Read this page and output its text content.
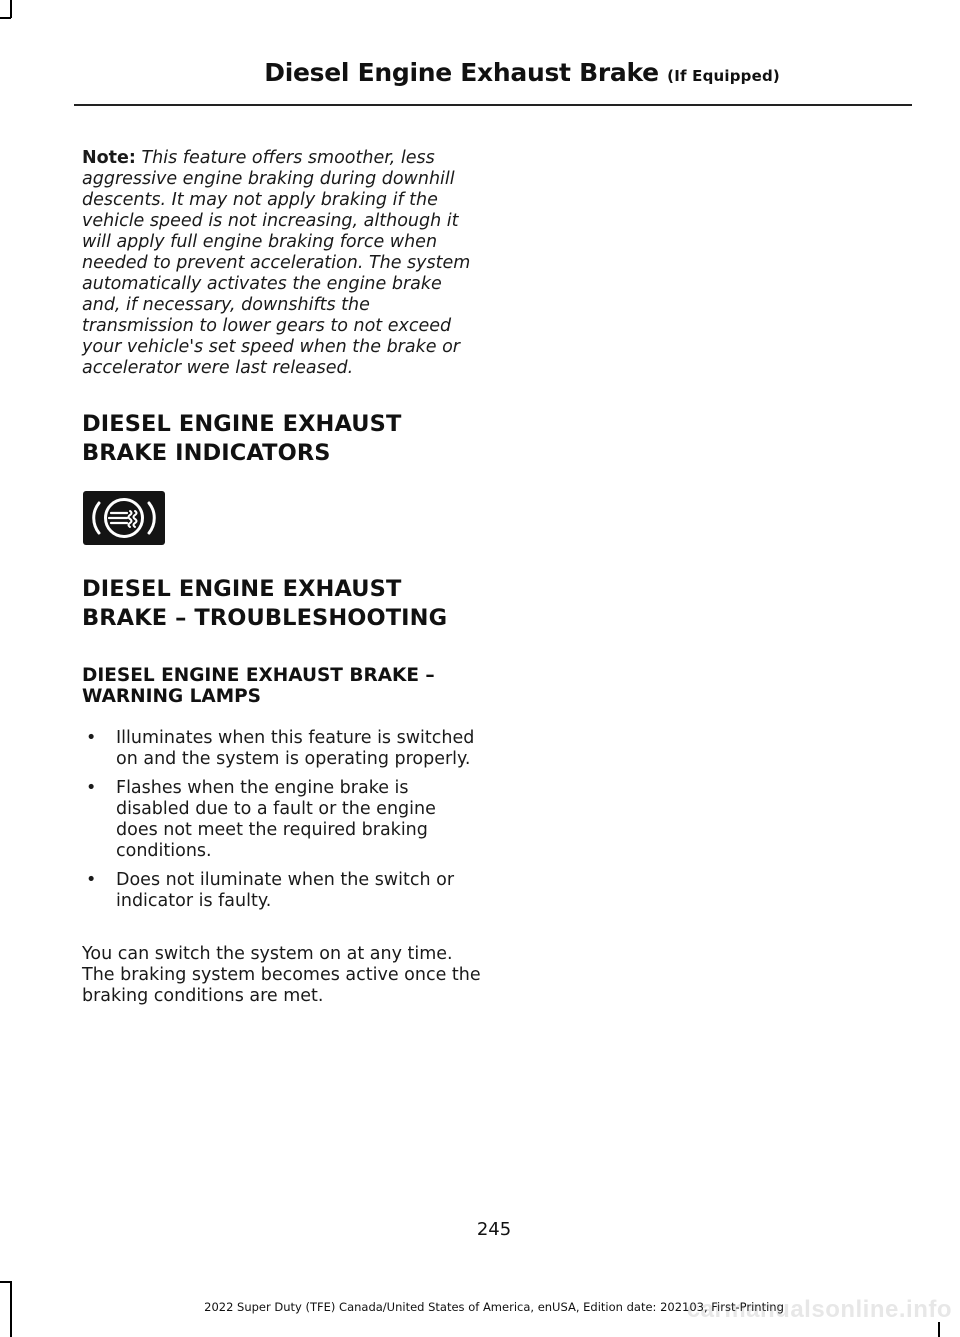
Diesel Engine Exhaust Brake (If Equipped)
Note: This feature offers smoother, less aggressive engine braking during downhill descents. It may not apply braking if the vehicle speed is not increasing, although it will apply full engine braking force when needed to prevent acceleration. The system automatically activates the engine brake and, if necessary, downshifts the transmission to lower gears to not exceed your vehicle's set speed when the brake or accelerator were last released.
DIESEL ENGINE EXHAUST
BRAKE INDICATORS
DIESEL ENGINE EXHAUST
BRAKE – TROUBLESHOOTING
DIESEL ENGINE EXHAUST BRAKE – WARNING LAMPS
• Illuminates when this feature is switched on and the system is operating properly.
• Flashes when the engine brake is disabled due to a fault or the engine does not meet the required braking conditions.
• Does not iluminate when the switch or indicator is faulty.
You can switch the system on at any time. The braking system becomes active once the braking conditions are met.
245
2022 Super Duty (TFE) Canada/United States of America, enUSA, Edition date: 202103, First-Printing
carmanualsonline.info
